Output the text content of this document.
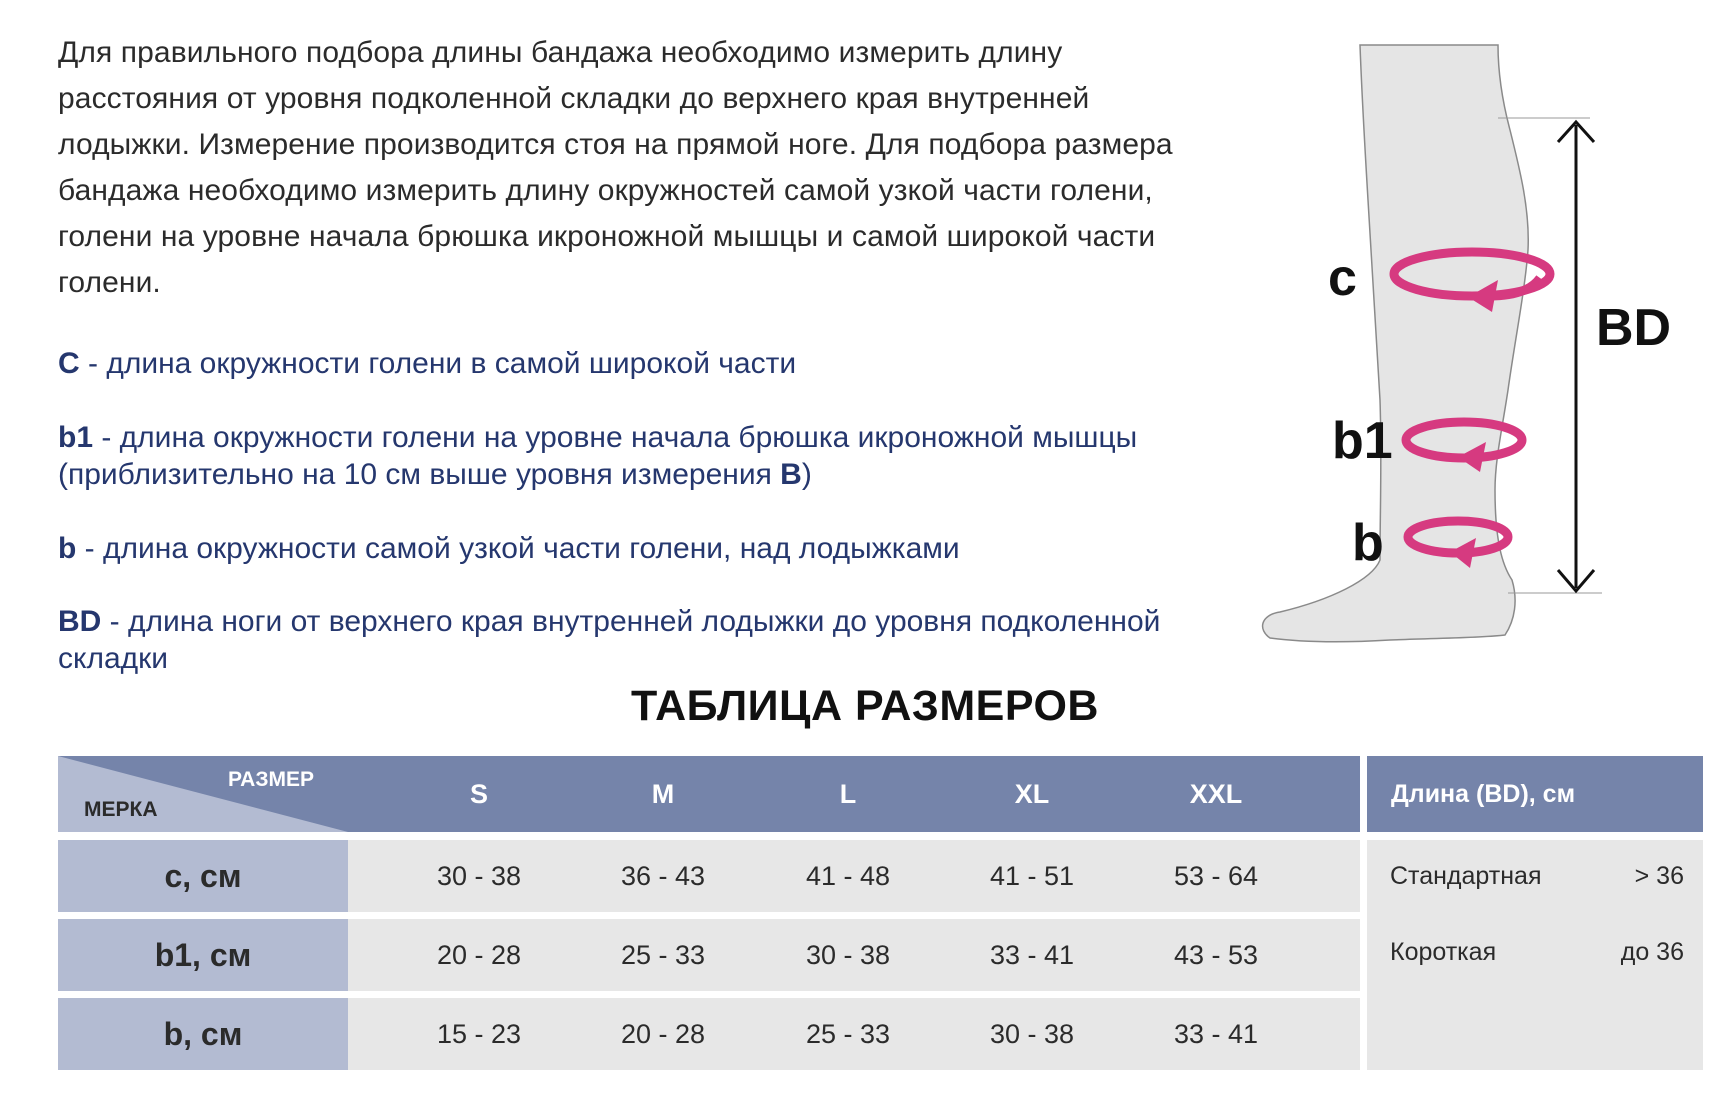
Для правильного подбора длины бандажа необходимо измерить длину расстояния от уровня подколенной складки до верхнего края внутренней лодыжки. Измерение производится стоя на прямой ноге. Для подбора размера бандажа необходимо измерить длину окружностей самой узкой части голени, голени на уровне начала брюшка икроножной мышцы и самой широкой части голени.
C - длина окружности голени в самой широкой части
b1 - длина окружности голени на уровне начала брюшка икроножной мышцы (приблизительно на 10 см выше уровня измерения B)
b - длина окружности самой узкой части голени, над лодыжками
BD - длина ноги от верхнего края внутренней лодыжки до уровня подколенной складки
BD
c
b1
b
ТАБЛИЦА РАЗМЕРОВ
РАЗМЕР
МЕРКА
S	M	L	XL	XXL
c, см	30 - 38	36 - 43	41 - 48	41 - 51	53 - 64
b1, см	20 - 28	25 - 33	30 - 38	33 - 41	43 - 53
b, см	15 - 23	20 - 28	25 - 33	30 - 38	33 - 41
Длина (BD), см
Стандартная	> 36
Короткая	до 36
